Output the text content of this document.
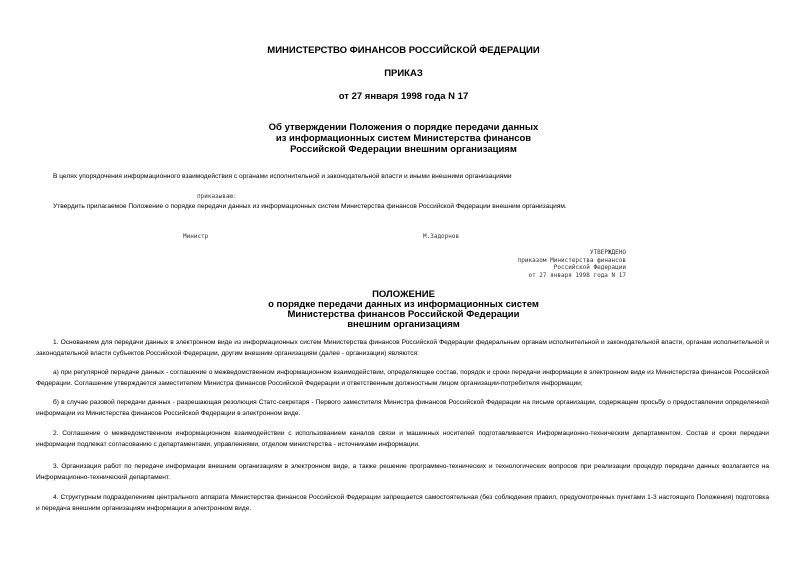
МИНИСТЕРСТВО ФИНАНСОВ РОССИЙСКОЙ ФЕДЕРАЦИИ
ПРИКАЗ
от 27 января 1998 года N 17
Об утверждении Положения о порядке передачи данных
из информационных систем Министерства финансов
Российской Федерации внешним организациям
В целях упорядочения информационного взаимодействия с органами исполнительной и законодательной власти и иными внешними организациями
приказываю:
Утвердить прилагаемое Положение о порядке передачи данных из информационных систем Министерства финансов Российской Федерации внешним организациям.
Министр	М.Задорнов
УТВЕРЖДЕНО
приказом Министерства финансов
Российской Федерации
от 27 января 1998 года N 17
ПОЛОЖЕНИЕ
о порядке передачи данных из информационных систем
Министерства финансов Российской Федерации
внешним организациям
1. Основанием для передачи данных в электронном виде из информационных систем Министерства финансов Российской Федерации федеральным органам исполнительной и законодательной власти, органам исполнительной и законодательной власти субъектов Российской Федерации, другим внешним организациям (далее - организации) являются:
а) при регулярной передаче данных - соглашение о межведомственном информационном взаимодействии, определяющее состав, порядок и сроки передачи информации в электронном виде из Министерства финансов Российской Федерации. Соглашение утверждается заместителем Министра финансов Российской Федерации и ответственным должностным лицом организации-потребителя информации;
б) в случае разовой передачи данных - разрешающая резолюция Статс-секретаря - Первого заместителя Министра финансов Российской Федерации на письме организации, содержащем просьбу о предоставлении определенной информации из Министерства финансов Российской Федерации в электронном виде.
2. Соглашение о межведомственном информационном взаимодействии с использованием каналов связи и машинных носителей подготавливается Информационно-техническим департаментом. Состав и сроки передачи информации подлежат согласованию с департаментами, управлениями, отделом министерства - источниками информации.
3. Организация работ по передаче информации внешним организациям в электронном виде, а также решение программно-технических и технологических вопросов при реализации процедур передачи данных возлагается на Информационно-технический департамент.
4. Структурным подразделениям центрального аппарата Министерства финансов Российской Федерации запрещается самостоятельная (без соблюдения правил, предусмотренных пунктами 1-3 настоящего Положения) подготовка и передача внешним организациям информации в электронном виде.
